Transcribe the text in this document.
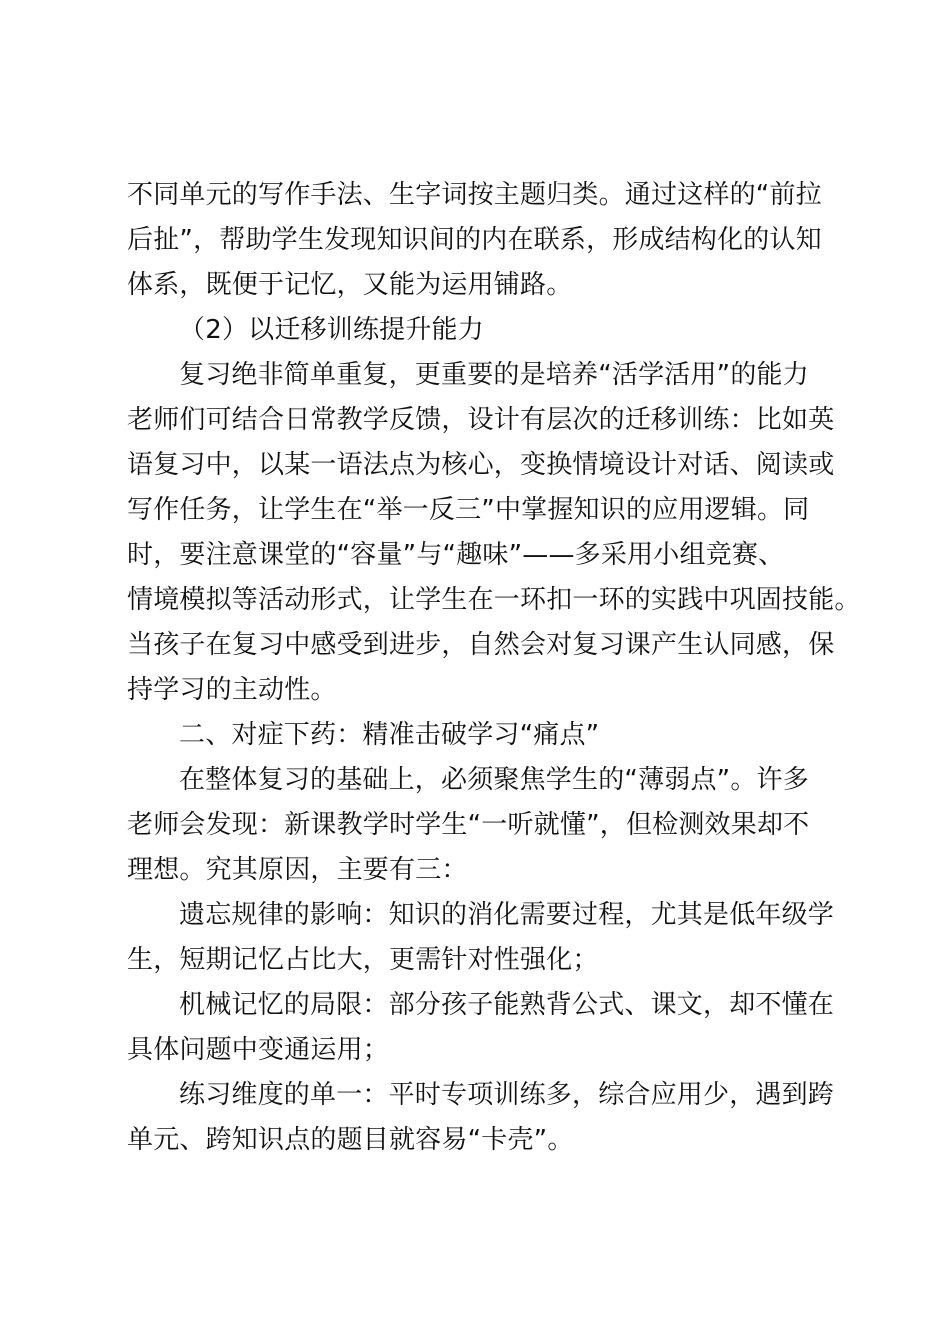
不同单元的写作手法、生字词按主题归类。通过这样的“前拉
后扯”，帮助学生发现知识间的内在联系，形成结构化的认知
体系，既便于记忆，又能为运用铺路。
（2）以迁移训练提升能力
复习绝非简单重复，更重要的是培养“活学活用”的能力
老师们可结合日常教学反馈，设计有层次的迁移训练：比如英
语复习中，以某一语法点为核心，变换情境设计对话、阅读或
写作任务，让学生在“举一反三”中掌握知识的应用逻辑。同
时，要注意课堂的“容量”与“趣味”——多采用小组竞赛、
情境模拟等活动形式，让学生在一环扣一环的实践中巩固技能。
当孩子在复习中感受到进步，自然会对复习课产生认同感，保
持学习的主动性。
二、对症下药：精准击破学习“痛点”
在整体复习的基础上，必须聚焦学生的“薄弱点”。许多
老师会发现：新课教学时学生“一听就懂”，但检测效果却不
理想。究其原因，主要有三：
遗忘规律的影响：知识的消化需要过程，尤其是低年级学
生，短期记忆占比大，更需针对性强化；
机械记忆的局限：部分孩子能熟背公式、课文，却不懂在
具体问题中变通运用；
练习维度的单一：平时专项训练多，综合应用少，遇到跨
单元、跨知识点的题目就容易“卡壳”。
